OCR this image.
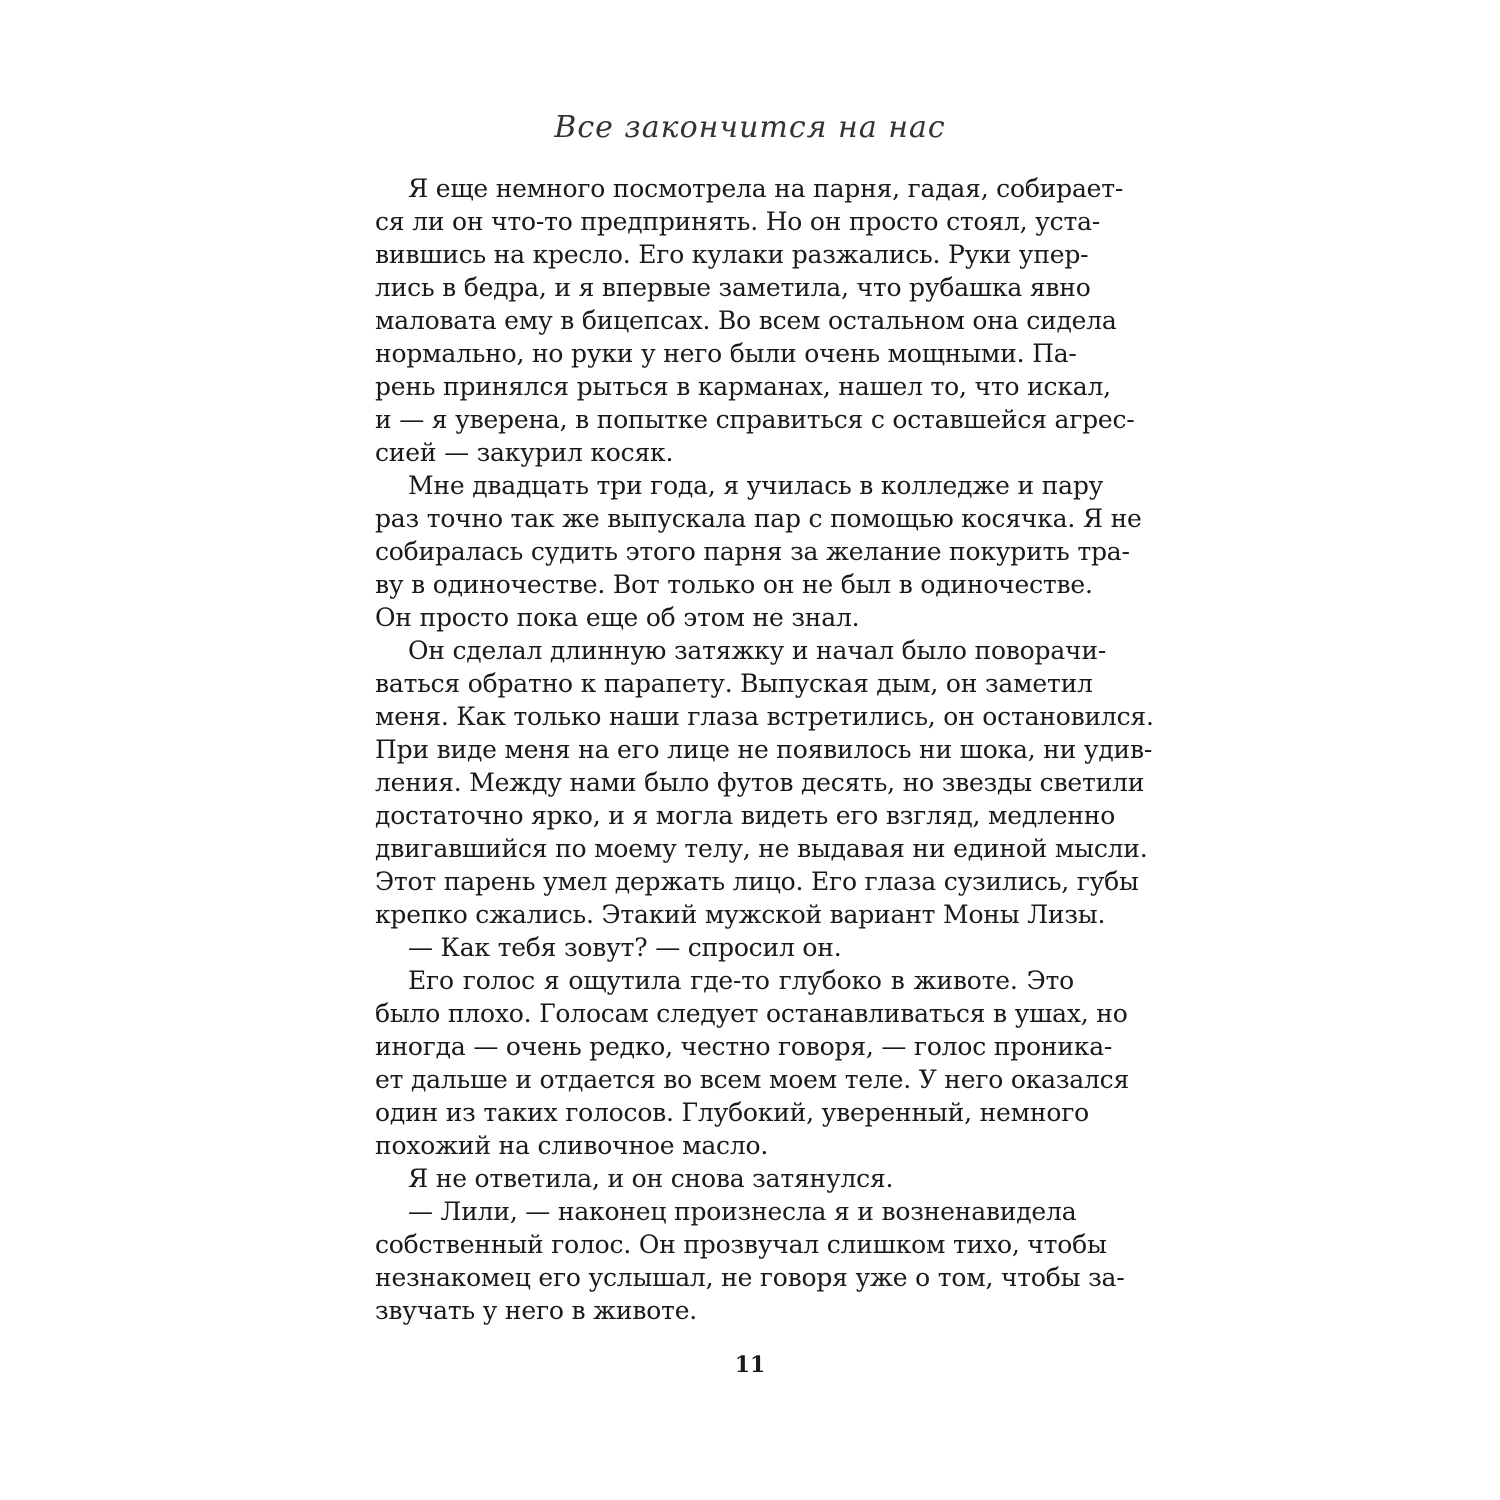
Все закончится на нас
Я еще немного посмотрела на парня, гадая, собирает-
ся ли он что-то предпринять. Но он просто стоял, уста-
вившись на кресло. Его кулаки разжались. Руки упер-
лись в бедра, и я впервые заметила, что рубашка явно
маловата ему в бицепсах. Во всем остальном она сидела
нормально, но руки у него были очень мощными. Па-
рень принялся рыться в карманах, нашел то, что искал,
и — я уверена, в попытке справиться с оставшейся агрес-
сией — закурил косяк.
Мне двадцать три года, я училась в колледже и пару
раз точно так же выпускала пар с помощью косячка. Я не
собиралась судить этого парня за желание покурить тра-
ву в одиночестве. Вот только он не был в одиночестве.
Он просто пока еще об этом не знал.
Он сделал длинную затяжку и начал было поворачи-
ваться обратно к парапету. Выпуская дым, он заметил
меня. Как только наши глаза встретились, он остановился.
При виде меня на его лице не появилось ни шока, ни удив-
ления. Между нами было футов десять, но звезды светили
достаточно ярко, и я могла видеть его взгляд, медленно
двигавшийся по моему телу, не выдавая ни единой мысли.
Этот парень умел держать лицо. Его глаза сузились, губы
крепко сжались. Этакий мужской вариант Моны Лизы.
— Как тебя зовут? — спросил он.
Его голос я ощутила где-то глубоко в животе. Это
было плохо. Голосам следует останавливаться в ушах, но
иногда — очень редко, честно говоря, — голос проника-
ет дальше и отдается во всем моем теле. У него оказался
один из таких голосов. Глубокий, уверенный, немного
похожий на сливочное масло.
Я не ответила, и он снова затянулся.
— Лили, — наконец произнесла я и возненавидела
собственный голос. Он прозвучал слишком тихо, чтобы
незнакомец его услышал, не говоря уже о том, чтобы за-
звучать у него в животе.
11
